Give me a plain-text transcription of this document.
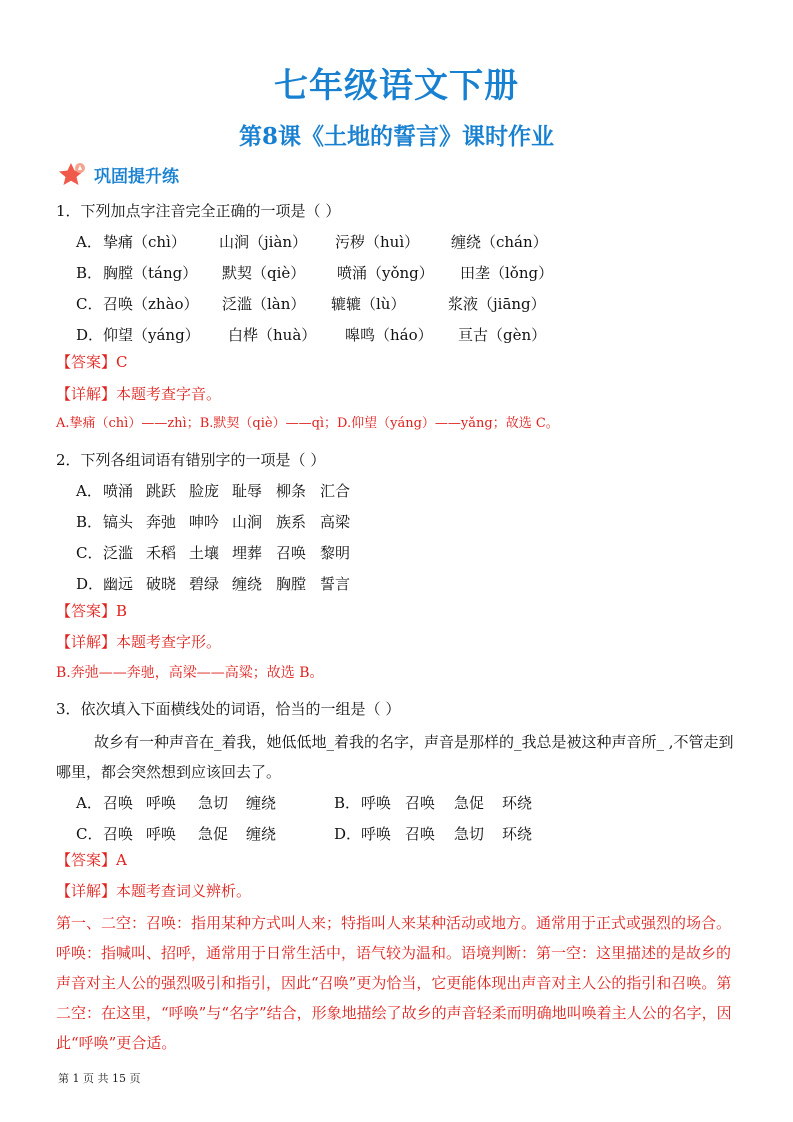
七年级语文下册
第8课《土地的誓言》课时作业
巩固提升练
1．下列加点字注音完全正确的一项是（ ）
A．挚痛（chì） 山涧（jiàn） 污秽（huì） 缠绕（chán）
B．胸膛（táng） 默契（qiè） 喷涌（yǒng） 田垄（lǒng）
C．召唤（zhào） 泛滥（làn） 辘辘（lù）	浆液（jiāng）
D．仰望（yáng） 白桦（huà） 嗥鸣（háo） 亘古（gèn）
【答案】C
【详解】本题考查字音。
A.挚痛（chì）——zhì；B.默契（qiè）——qì；D.仰望（yáng）——yǎng；故选 C。
2．下列各组词语有错别字的一项是（ ）
A．喷涌 跳跃 脸庞 耻辱 柳条 汇合
B．镐头 奔弛 呻吟 山涧 族系 高梁
C．泛滥 禾稻 土壤 埋葬 召唤 黎明
D．幽远 破晓 碧绿 缠绕 胸膛 誓言
【答案】B
【详解】本题考查字形。
B.奔弛——奔驰，高梁——高粱；故选 B。
3．依次填入下面横线处的词语，恰当的一组是（ ）
故乡有一种声音在_着我，她低低地_着我的名字，声音是那样的_我总是被这种声音所_ ,不管走到哪里，都会突然想到应该回去了。
A．召唤 呼唤 急切 缠绕	B．呼唤 召唤 急促 环绕
C．召唤 呼唤 急促 缠绕	D．呼唤 召唤 急切 环绕
【答案】A
【详解】本题考查词义辨析。
第一、二空：召唤：指用某种方式叫人来；特指叫人来某种活动或地方。通常用于正式或强烈的场合。呼唤：指喊叫、招呼，通常用于日常生活中，语气较为温和。语境判断：第一空：这里描述的是故乡的声音对主人公的强烈吸引和指引，因此“召唤”更为恰当，它更能体现出声音对主人公的指引和召唤。第二空：在这里，“呼唤”与“名字”结合，形象地描绘了故乡的声音轻柔而明确地叫唤着主人公的名字，因此“呼唤”更合适。
第 1 页 共 15 页
